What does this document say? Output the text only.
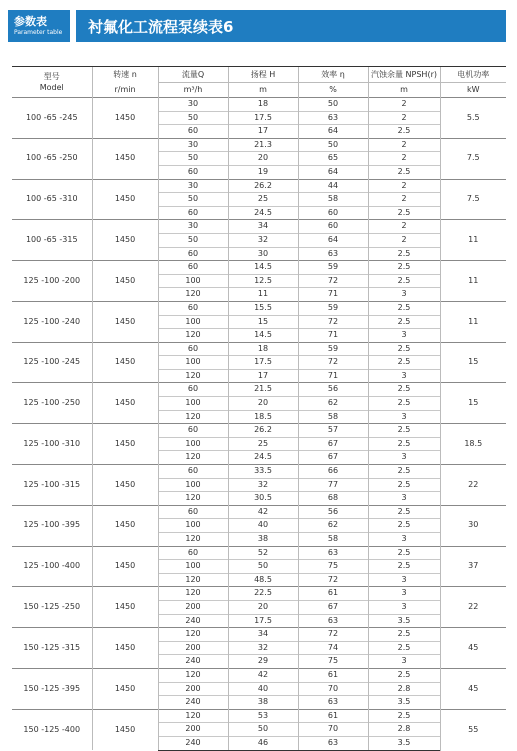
参数表
Parameter table 衬氟化工流程泵续表6
型号
Model	转速 n	流量Q	扬程 H	效率 η	汽蚀余量 NPSH(r)	电机功率
	r/min	m³/h	m	%	m	kW
100 -65 -245	1450	30	18	50	2	5.5
		50	17.5	63	2	
		60	17	64	2.5	
100 -65 -250	1450	30	21.3	50	2	7.5
		50	20	65	2	
		60	19	64	2.5	
100 -65 -310	1450	30	26.2	44	2	7.5
		50	25	58	2	
		60	24.5	60	2.5	
100 -65 -315	1450	30	34	60	2	11
		50	32	64	2	
		60	30	63	2.5	
125 -100 -200	1450	60	14.5	59	2.5	11
		100	12.5	72	2.5	
		120	11	71	3	
125 -100 -240	1450	60	15.5	59	2.5	11
		100	15	72	2.5	
		120	14.5	71	3	
125 -100 -245	1450	60	18	59	2.5	15
		100	17.5	72	2.5	
		120	17	71	3	
125 -100 -250	1450	60	21.5	56	2.5	15
		100	20	62	2.5	
		120	18.5	58	3	
125 -100 -310	1450	60	26.2	57	2.5	18.5
		100	25	67	2.5	
		120	24.5	67	3	
125 -100 -315	1450	60	33.5	66	2.5	22
		100	32	77	2.5	
		120	30.5	68	3	
125 -100 -395	1450	60	42	56	2.5	30
		100	40	62	2.5	
		120	38	58	3	
125 -100 -400	1450	60	52	63	2.5	37
		100	50	75	2.5	
		120	48.5	72	3	
150 -125 -250	1450	120	22.5	61	3	22
		200	20	67	3	
		240	17.5	63	3.5	
150 -125 -315	1450	120	34	72	2.5	45
		200	32	74	2.5	
		240	29	75	3	
150 -125 -395	1450	120	42	61	2.5	45
		200	40	70	2.8	
		240	38	63	3.5	
150 -125 -400	1450	120	53	61	2.5	55
		200	50	70	2.8	
		240	46	63	3.5	
